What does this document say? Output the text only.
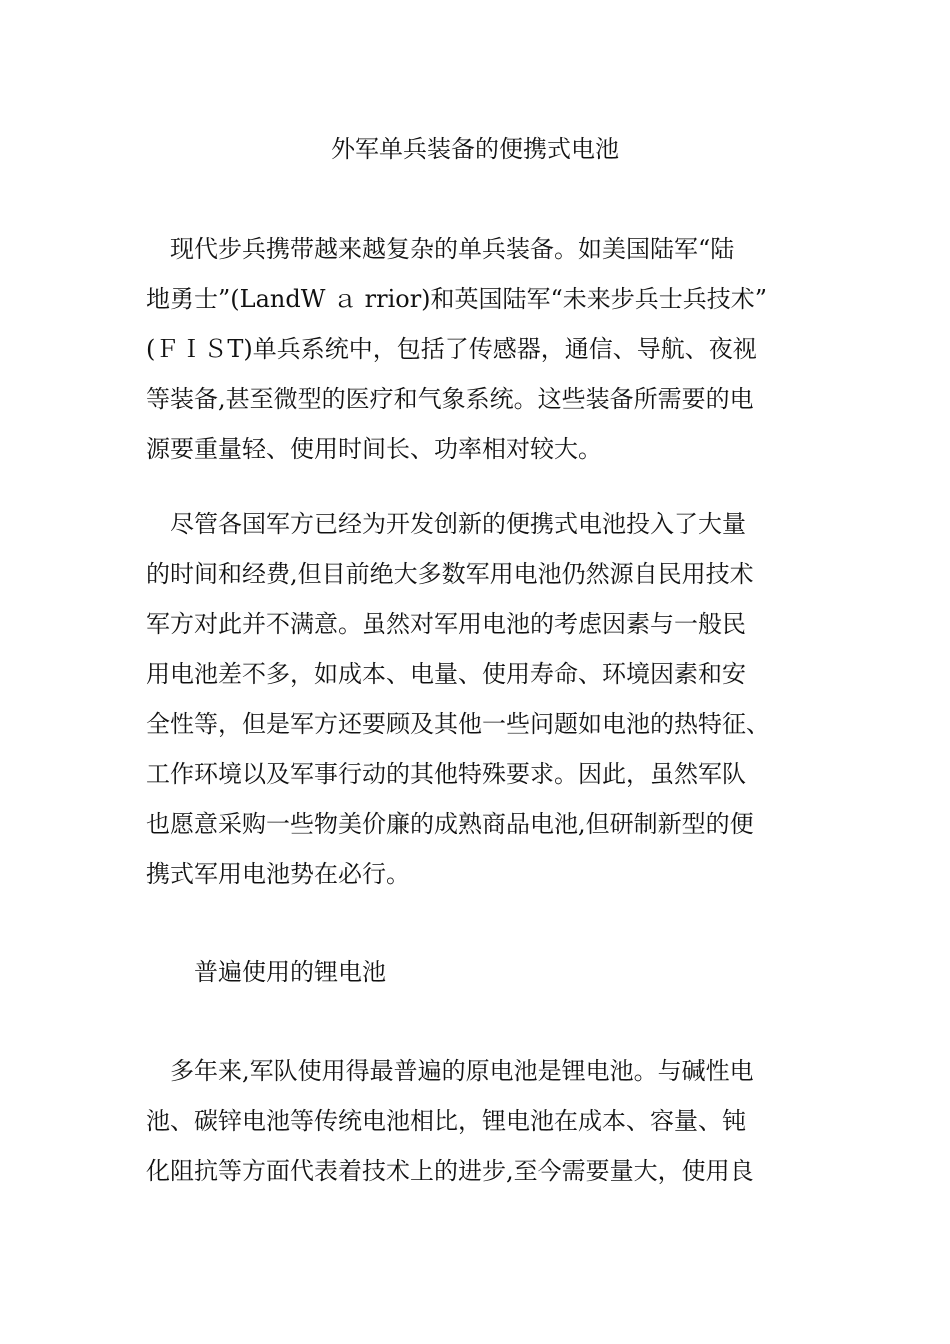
外军单兵装备的便携式电池
　现代步兵携带越来越复杂的单兵装备。如美国陆军“陆
地勇士”(LandW ａ rrior)和英国陆军“未来步兵士兵技术”
(ＦＩＳT)单兵系统中，包括了传感器，通信、导航、夜视
等装备,甚至微型的医疗和气象系统。这些装备所需要的电
源要重量轻、使用时间长、功率相对较大。
　尽管各国军方已经为开发创新的便携式电池投入了大量
的时间和经费,但目前绝大多数军用电池仍然源自民用技术
军方对此并不满意。虽然对军用电池的考虑因素与一般民
用电池差不多，如成本、电量、使用寿命、环境因素和安
全性等，但是军方还要顾及其他一些问题如电池的热特征、
工作环境以及军事行动的其他特殊要求。因此，虽然军队
也愿意采购一些物美价廉的成熟商品电池,但研制新型的便
携式军用电池势在必行。
　　普遍使用的锂电池
　多年来,军队使用得最普遍的原电池是锂电池。与碱性电
池、碳锌电池等传统电池相比，锂电池在成本、容量、钝
化阻抗等方面代表着技术上的进步,至今需要量大，使用良
